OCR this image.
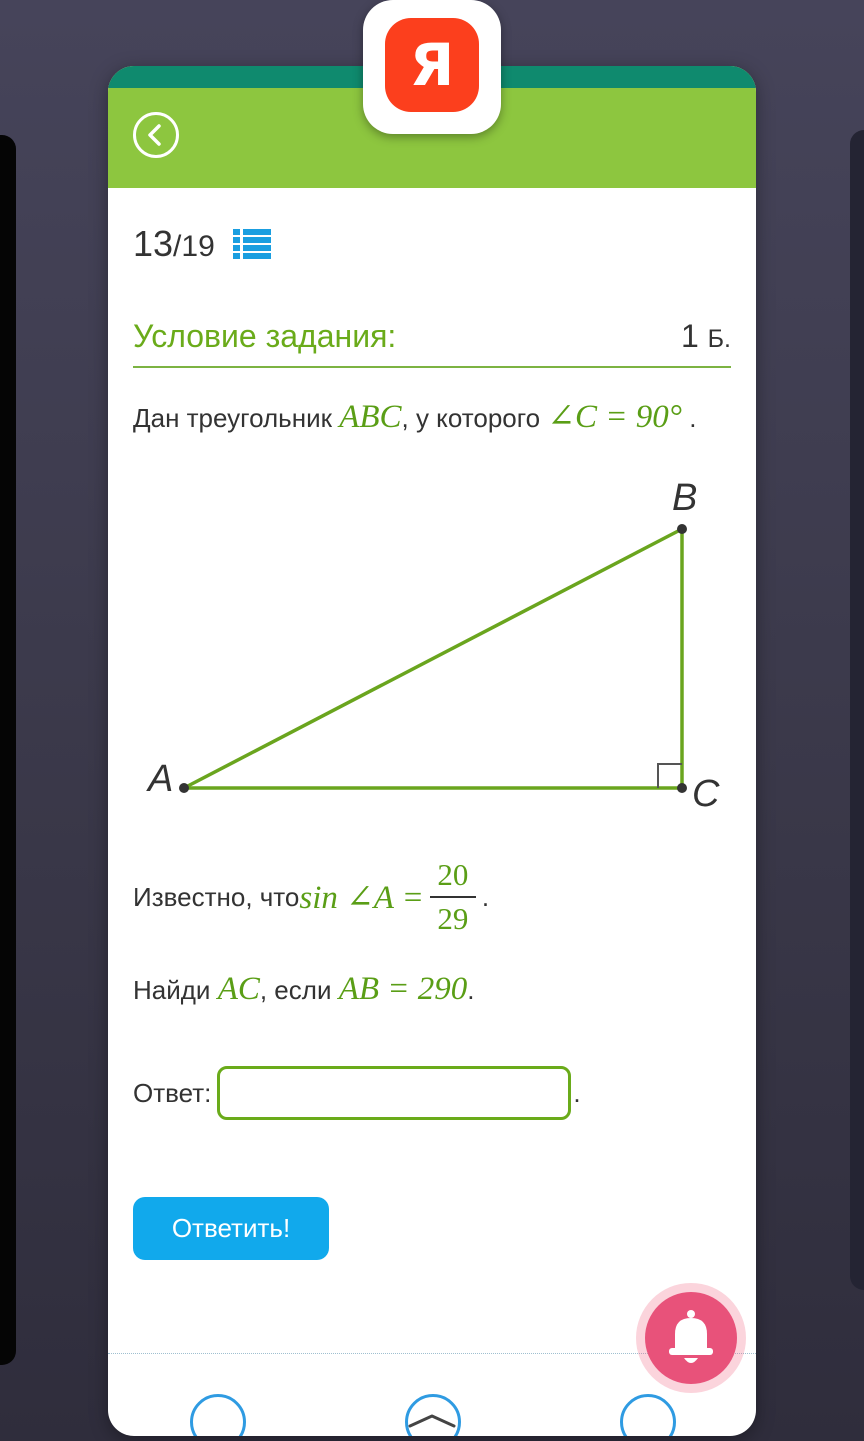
13/19
Условие задания:	1 Б.
Дан треугольник ABC, у которого ∠C = 90° .
A
B
C
Известно, что sin ∠A = $\frac{20}{29}$ .
Найди AC, если AB = 290.
Ответ:	.
Ответить!
Я
